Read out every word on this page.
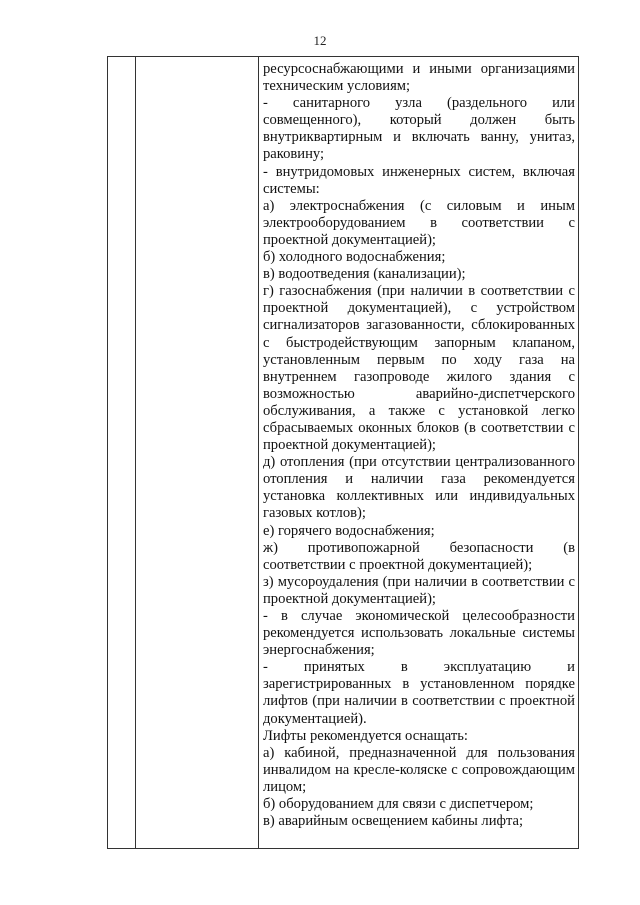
12

ресурсоснабжающими и иными организациями техническим условиям;

- санитарного узла (раздельного или совмещенного), который должен быть внутриквартирным и включать ванну, унитаз, раковину;

- внутридомовых инженерных систем, включая системы:

а) электроснабжения (с силовым и иным электрооборудованием в соответствии с проектной документацией);

б) холодного водоснабжения;

в) водоотведения (канализации);

г) газоснабжения (при наличии в соответствии с проектной документацией), с устройством сигнализаторов загазованности, сблокированных с быстродействующим запорным клапаном, установленным первым по ходу газа на внутреннем газопроводе жилого здания с возможностью аварийно-диспетчерского обслуживания, а также с установкой легко сбрасываемых оконных блоков (в соответствии с проектной документацией);

д) отопления (при отсутствии централизованного отопления и наличии газа рекомендуется установка коллективных или индивидуальных газовых котлов);

е) горячего водоснабжения;

ж) противопожарной безопасности (в соответствии с проектной документацией);

з) мусороудаления (при наличии в соответствии с проектной документацией);

- в случае экономической целесообразности рекомендуется использовать локальные системы энергоснабжения;

- принятых в эксплуатацию и зарегистрированных в установленном порядке лифтов (при наличии в соответствии с проектной документацией).

Лифты рекомендуется оснащать:

а) кабиной, предназначенной для пользования инвалидом на кресле-коляске с сопровождающим лицом;

б) оборудованием для связи с диспетчером;

в) аварийным освещением кабины лифта;
